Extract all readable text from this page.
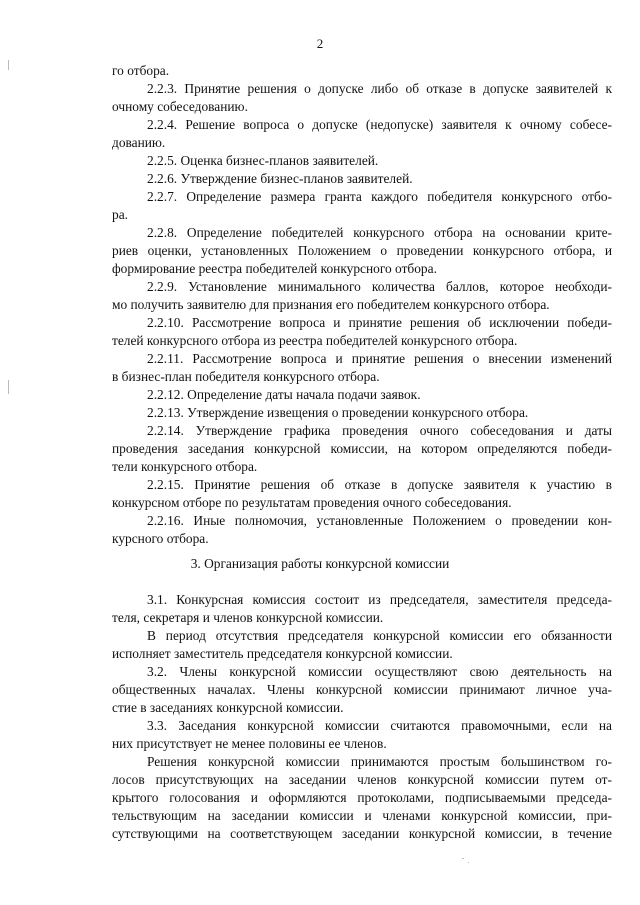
2
го отбора.
2.2.3. Принятие решения о допуске либо об отказе в допуске заявителей к
очному собеседованию.
2.2.4. Решение вопроса о допуске (недопуске) заявителя к очному собесе-
дованию.
2.2.5. Оценка бизнес-планов заявителей.
2.2.6. Утверждение бизнес-планов заявителей.
2.2.7. Определение размера гранта каждого победителя конкурсного отбо-
ра.
2.2.8. Определение победителей конкурсного отбора на основании крите-
риев оценки, установленных Положением о проведении конкурсного отбора, и
формирование реестра победителей конкурсного отбора.
2.2.9. Установление минимального количества баллов, которое необходи-
мо получить заявителю для признания его победителем конкурсного отбора.
2.2.10. Рассмотрение вопроса и принятие решения об исключении победи-
телей конкурсного отбора из реестра победителей конкурсного отбора.
2.2.11. Рассмотрение вопроса и принятие решения о внесении изменений
в бизнес-план победителя конкурсного отбора.
2.2.12. Определение даты начала подачи заявок.
2.2.13. Утверждение извещения о проведении конкурсного отбора.
2.2.14. Утверждение графика проведения очного собеседования и даты
проведения заседания конкурсной комиссии, на котором определяются победи-
тели конкурсного отбора.
2.2.15. Принятие решения об отказе в допуске заявителя к участию в
конкурсном отборе по результатам проведения очного собеседования.
2.2.16. Иные полномочия, установленные Положением о проведении кон-
курсного отбора.
3. Организация работы конкурсной комиссии
3.1. Конкурсная комиссия состоит из председателя, заместителя председа-
теля, секретаря и членов конкурсной комиссии.
В период отсутствия председателя конкурсной комиссии его обязанности
исполняет заместитель председателя конкурсной комиссии.
3.2. Члены конкурсной комиссии осуществляют свою деятельность на
общественных началах. Члены конкурсной комиссии принимают личное уча-
стие в заседаниях конкурсной комиссии.
3.3. Заседания конкурсной комиссии считаются правомочными, если на
них присутствует не менее половины ее членов.
Решения конкурсной комиссии принимаются простым большинством го-
лосов присутствующих на заседании членов конкурсной комиссии путем от-
крытого голосования и оформляются протоколами, подписываемыми председа-
тельствующим на заседании комиссии и членами конкурсной комиссии, при-
сутствующими на соответствующем заседании конкурсной комиссии, в течение
